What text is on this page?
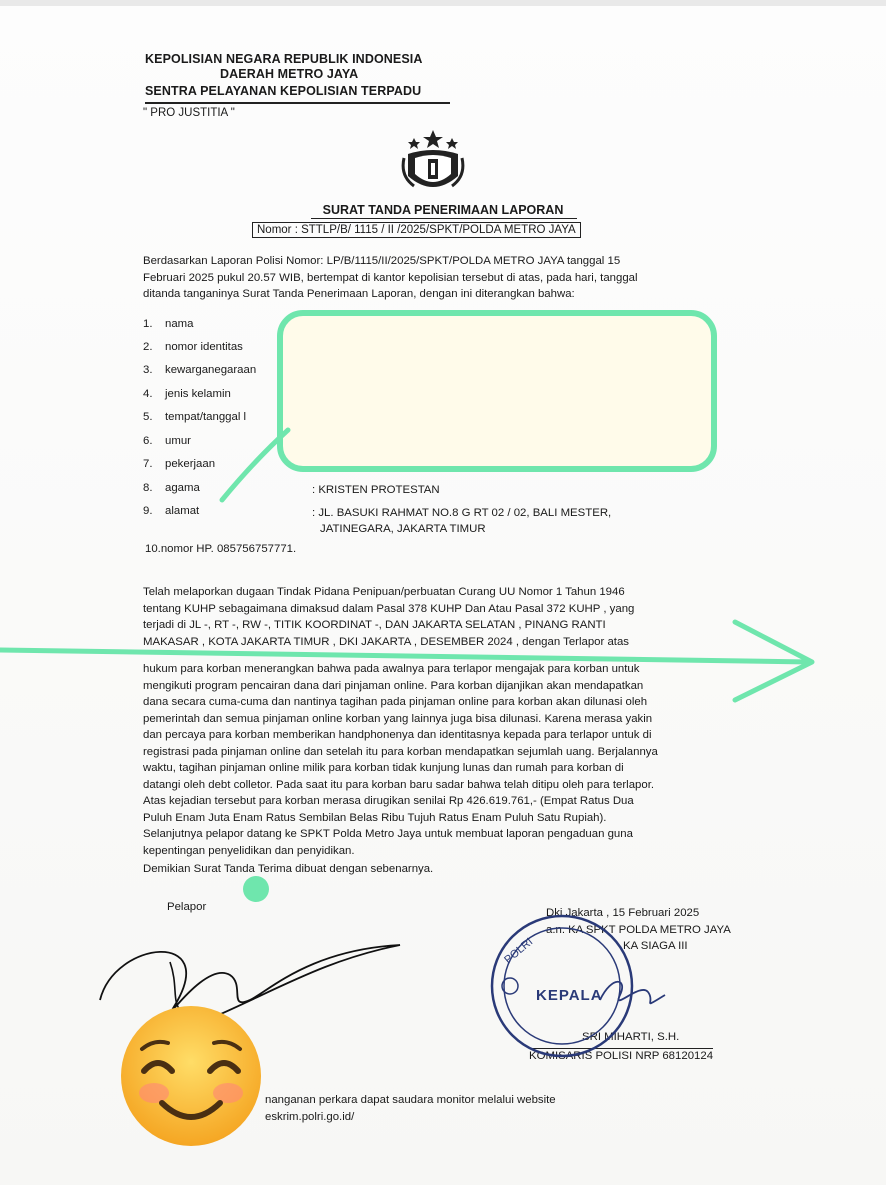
KEPOLISIAN NEGARA REPUBLIK INDONESIA
DAERAH METRO JAYA
SENTRA PELAYANAN KEPOLISIAN TERPADU
" PRO JUSTITIA "
SURAT TANDA PENERIMAAN LAPORAN
Nomor : STTLP/B/ 1115 / II /2025/SPKT/POLDA METRO JAYA
Berdasarkan Laporan Polisi Nomor: LP/B/1115/II/2025/SPKT/POLDA METRO JAYA tanggal 15
Februari 2025 pukul 20.57 WIB, bertempat di kantor kepolisian tersebut di atas, pada hari, tanggal
ditanda tanganinya Surat Tanda Penerimaan Laporan, dengan ini diterangkan bahwa:
1. nama
2. nomor identitas
3. kewarganegaraan
4. jenis kelamin
5. tempat/tanggal l
6. umur
7. pekerjaan
8. agama
9. alamat
: KRISTEN PROTESTAN
: JL. BASUKI RAHMAT NO.8 G RT 02 / 02, BALI MESTER,
JATINEGARA, JAKARTA TIMUR
10.nomor HP. 085756757771.
Telah melaporkan dugaan Tindak Pidana Penipuan/perbuatan Curang UU Nomor 1 Tahun 1946
tentang KUHP sebagaimana dimaksud dalam Pasal 378 KUHP Dan Atau Pasal 372 KUHP , yang
terjadi di JL -, RT -, RW -, TITIK KOORDINAT -, DAN JAKARTA SELATAN , PINANG RANTI
MAKASAR , KOTA JAKARTA TIMUR , DKI JAKARTA , DESEMBER 2024 , dengan Terlapor atas
hukum para korban menerangkan bahwa pada awalnya para terlapor mengajak para korban untuk
mengikuti program pencairan dana dari pinjaman online. Para korban dijanjikan akan mendapatkan
dana secara cuma-cuma dan nantinya tagihan pada pinjaman online para korban akan dilunasi oleh
pemerintah dan semua pinjaman online korban yang lainnya juga bisa dilunasi. Karena merasa yakin
dan percaya para korban memberikan handphonenya dan identitasnya kepada para terlapor untuk di
registrasi pada pinjaman online dan setelah itu para korban mendapatkan sejumlah uang. Berjalannya
waktu, tagihan pinjaman online milik para korban tidak kunjung lunas dan rumah para korban di
datangi oleh debt colletor. Pada saat itu para korban baru sadar bahwa telah ditipu oleh para terlapor.
Atas kejadian tersebut para korban merasa dirugikan senilai Rp 426.619.761,- (Empat Ratus Dua
Puluh Enam Juta Enam Ratus Sembilan Belas Ribu Tujuh Ratus Enam Puluh Satu Rupiah).
Selanjutnya pelapor datang ke SPKT Polda Metro Jaya untuk membuat laporan pengaduan guna
kepentingan penyelidikan dan penyidikan.
Demikian Surat Tanda Terima dibuat dengan sebenarnya.
Pelapor	Dki Jakarta , 15 Februari 2025
a.n. KA SPKT POLDA METRO JAYA
KA SIAGA III
SRI MIHARTI, S.H.
KOMISARIS POLISI NRP 68120124
POLRI
KEPALA
nanganan perkara dapat saudara monitor melalui website
eskrim.polri.go.id/
